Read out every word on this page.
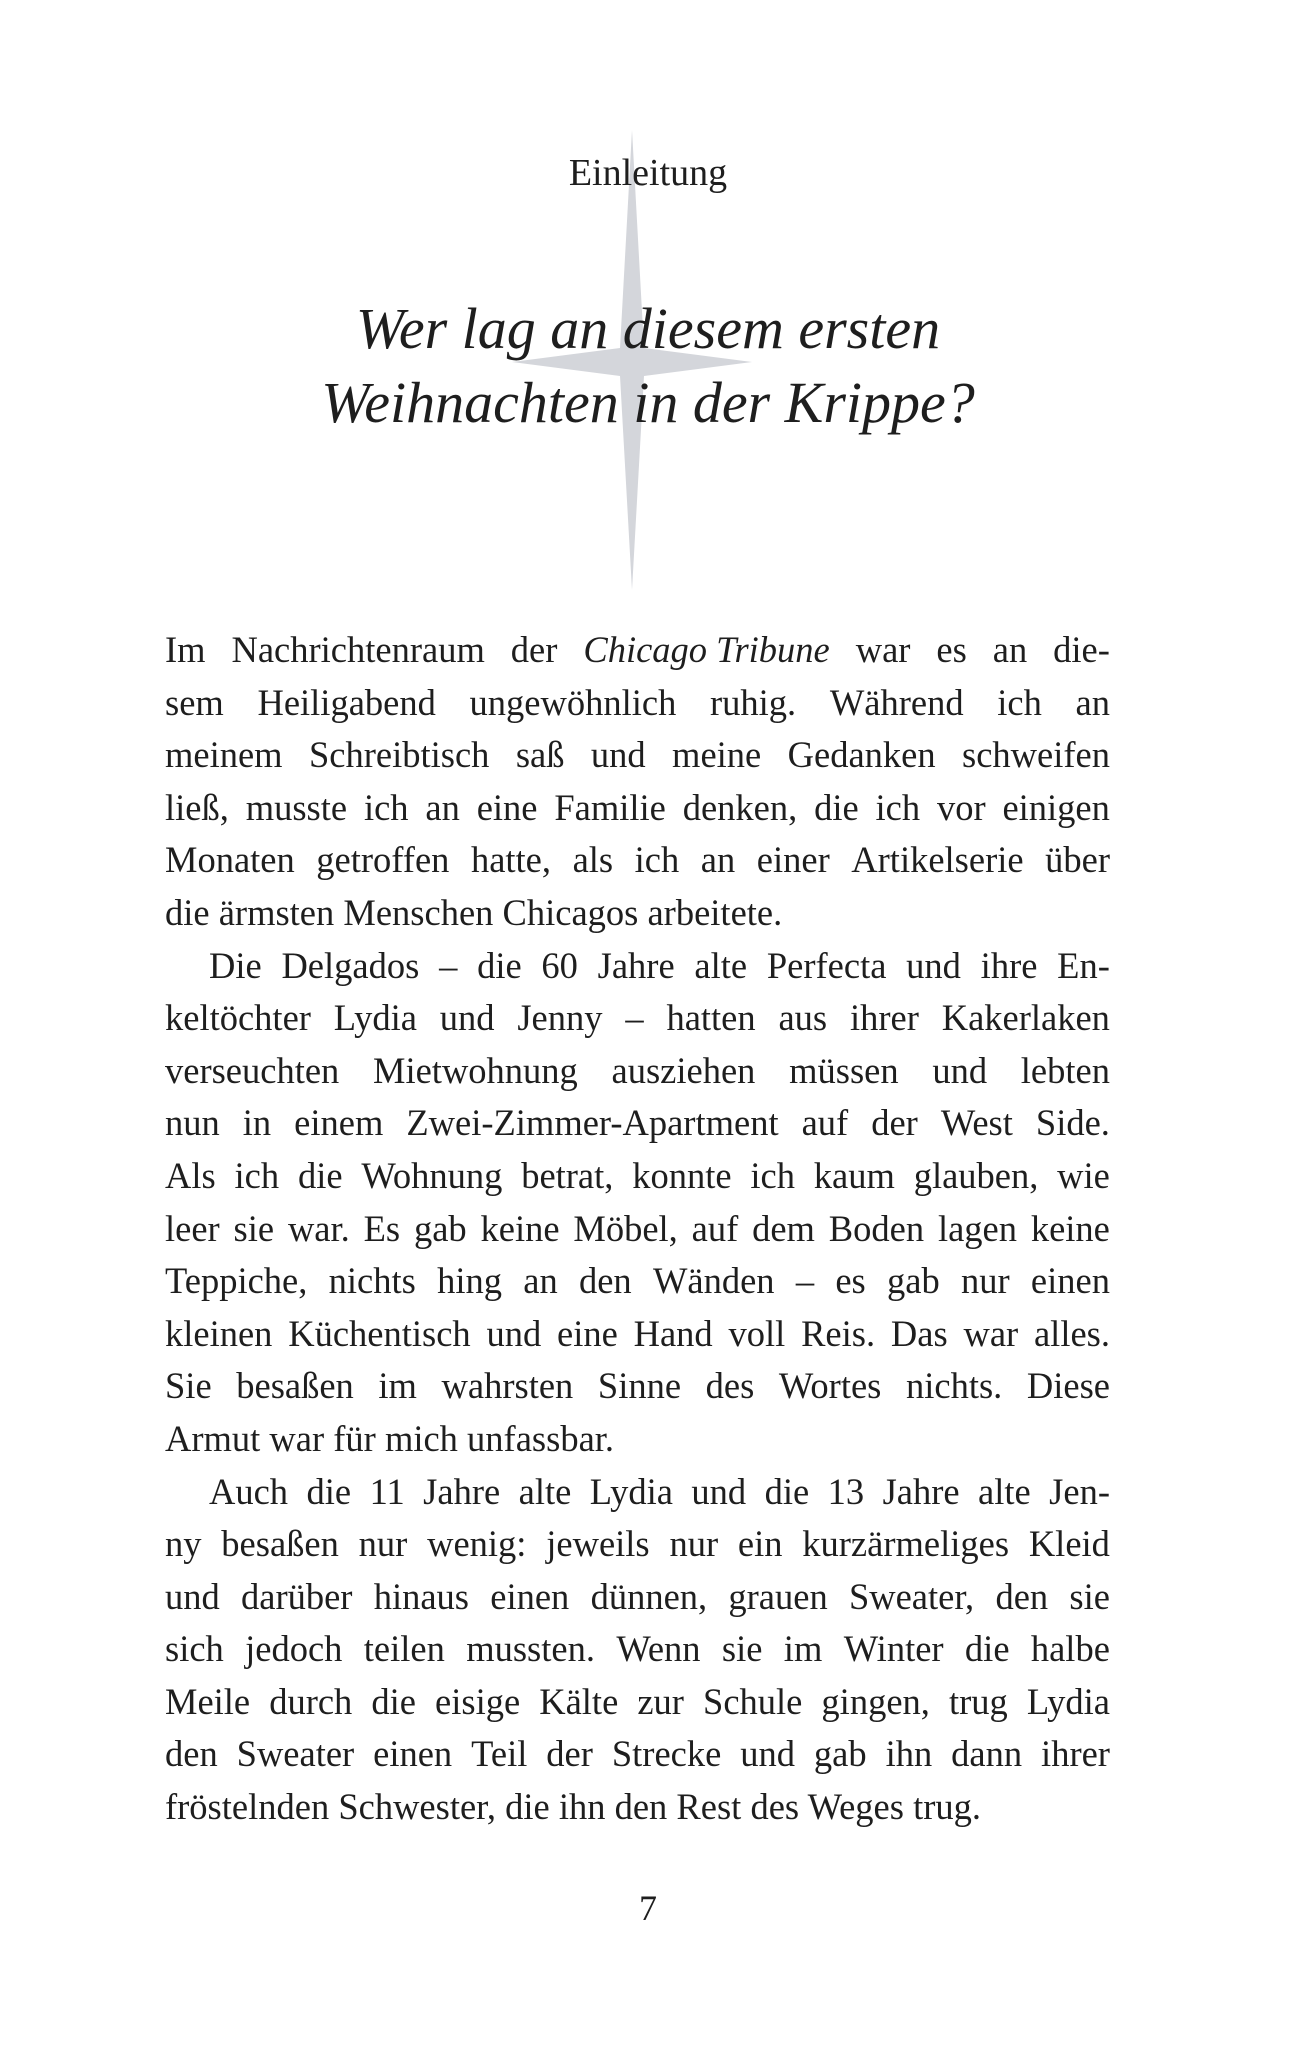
Einleitung
Wer lag an diesem ersten
Weihnachten in der Krippe?
Im Nachrichtenraum der Chicago Tribune war es an die-
sem Heiligabend ungewöhnlich ruhig. Während ich an
meinem Schreibtisch saß und meine Gedanken schweifen
ließ, musste ich an eine Familie denken, die ich vor einigen
Monaten getroffen hatte, als ich an einer Artikelserie über
die ärmsten Menschen Chicagos arbeitete.
Die Delgados – die 60 Jahre alte Perfecta und ihre En-
keltöchter Lydia und Jenny – hatten aus ihrer Kakerlaken
verseuchten Mietwohnung ausziehen müssen und lebten
nun in einem Zwei-Zimmer-Apartment auf der West Side.
Als ich die Wohnung betrat, konnte ich kaum glauben, wie
leer sie war. Es gab keine Möbel, auf dem Boden lagen keine
Teppiche, nichts hing an den Wänden – es gab nur einen
kleinen Küchentisch und eine Hand voll Reis. Das war alles.
Sie besaßen im wahrsten Sinne des Wortes nichts. Diese
Armut war für mich unfassbar.
Auch die 11 Jahre alte Lydia und die 13 Jahre alte Jen-
ny besaßen nur wenig: jeweils nur ein kurzärmeliges Kleid
und darüber hinaus einen dünnen, grauen Sweater, den sie
sich jedoch teilen mussten. Wenn sie im Winter die halbe
Meile durch die eisige Kälte zur Schule gingen, trug Lydia
den Sweater einen Teil der Strecke und gab ihn dann ihrer
fröstelnden Schwester, die ihn den Rest des Weges trug.
7
